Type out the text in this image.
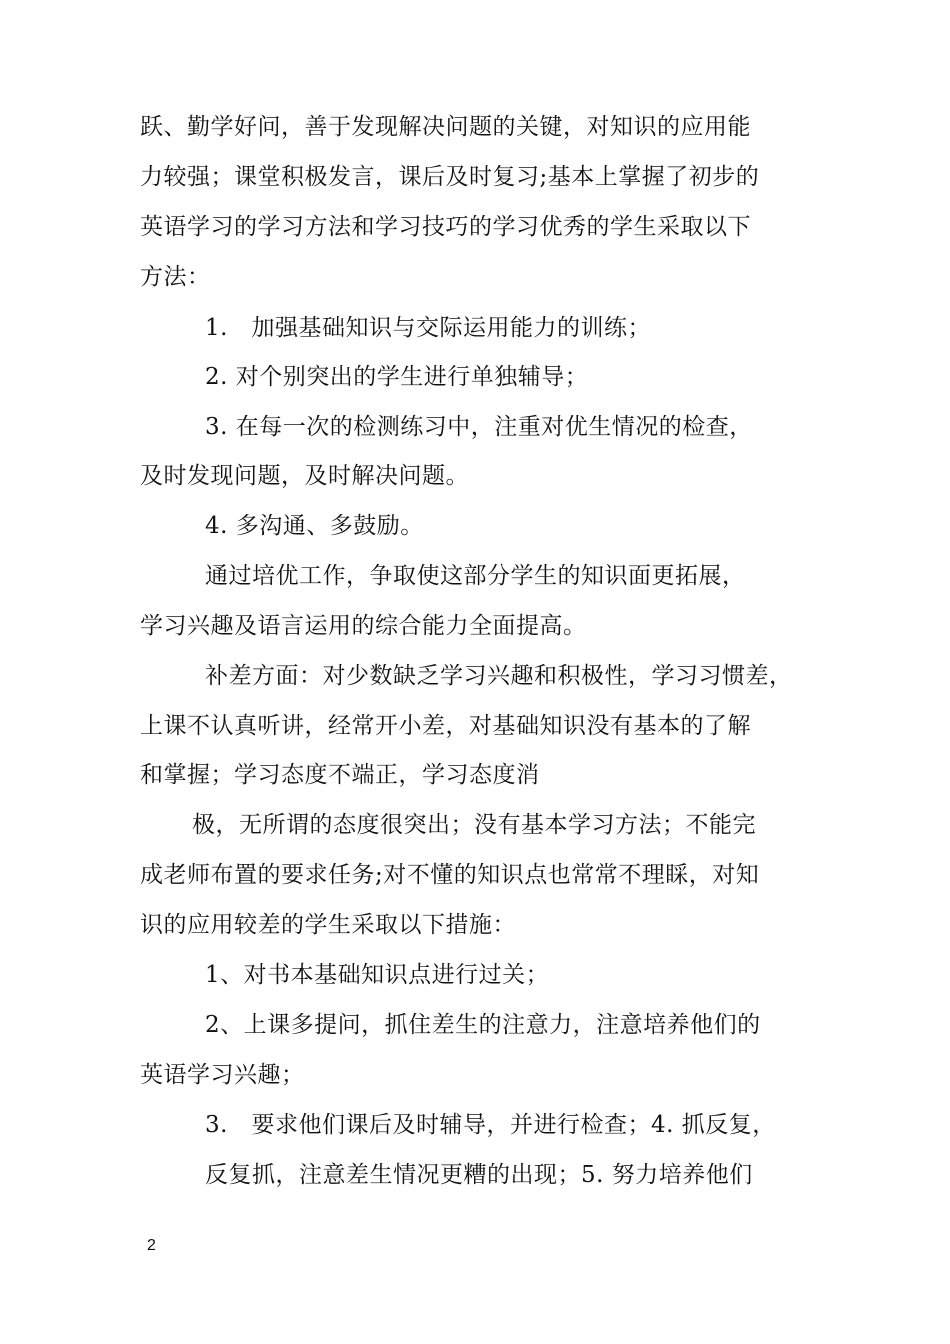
跃、勤学好问，善于发现解决问题的关键，对知识的应用能
力较强；课堂积极发言，课后及时复习;基本上掌握了初步的
英语学习的学习方法和学习技巧的学习优秀的学生采取以下
方法：
1.　加强基础知识与交际运用能力的训练；
2. 对个别突出的学生进行单独辅导；
3. 在每一次的检测练习中，注重对优生情况的检查，
及时发现问题，及时解决问题。
4. 多沟通、多鼓励。
通过培优工作，争取使这部分学生的知识面更拓展，
学习兴趣及语言运用的综合能力全面提高。
补差方面：对少数缺乏学习兴趣和积极性，学习习惯差，
上课不认真听讲，经常开小差，对基础知识没有基本的了解
和掌握；学习态度不端正，学习态度消
极，无所谓的态度很突出；没有基本学习方法；不能完
成老师布置的要求任务;对不懂的知识点也常常不理睬，对知
识的应用较差的学生采取以下措施：
1、对书本基础知识点进行过关；
2、上课多提问，抓住差生的注意力，注意培养他们的
英语学习兴趣；
3.　要求他们课后及时辅导，并进行检查；4. 抓反复，
反复抓，注意差生情况更糟的出现；5. 努力培养他们
2
